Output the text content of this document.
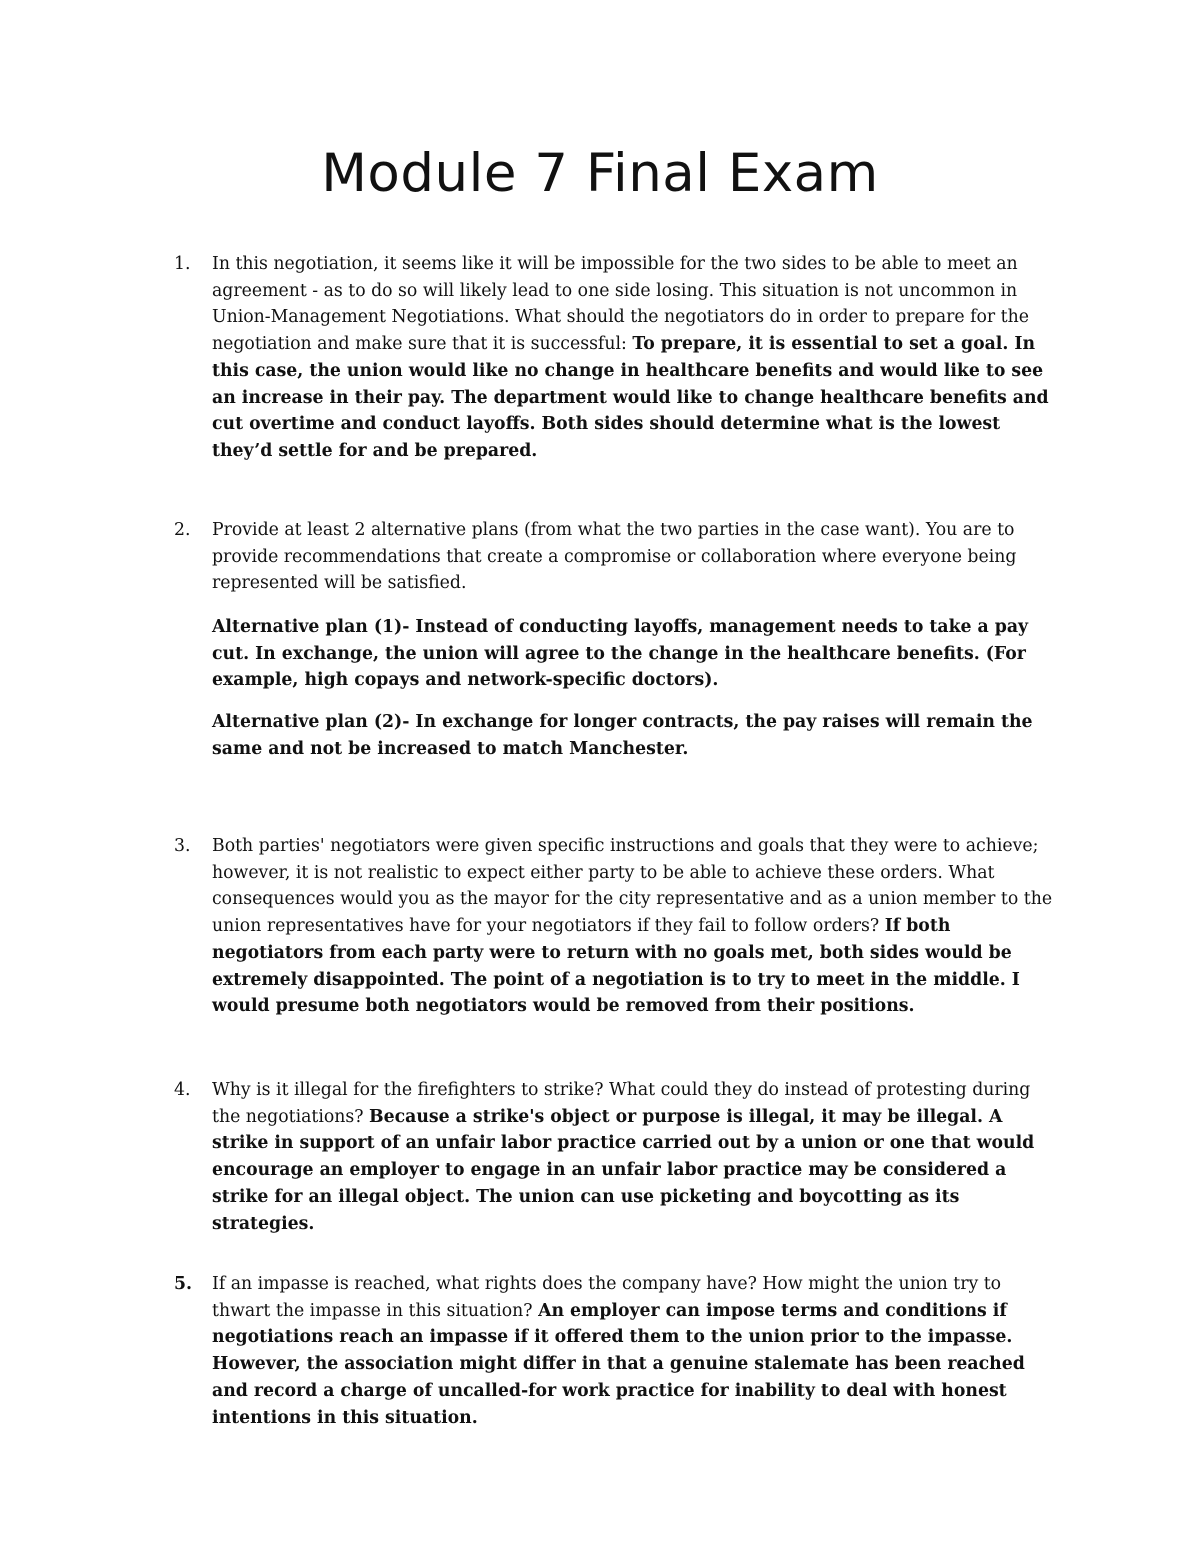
Module 7 Final Exam
1. In this negotiation, it seems like it will be impossible for the two sides to be able to meet an agreement - as to do so will likely lead to one side losing. This situation is not uncommon in Union-Management Negotiations. What should the negotiators do in order to prepare for the negotiation and make sure that it is successful: To prepare, it is essential to set a goal. In this case, the union would like no change in healthcare benefits and would like to see an increase in their pay. The department would like to change healthcare benefits and cut overtime and conduct layoffs. Both sides should determine what is the lowest they’d settle for and be prepared.
2. Provide at least 2 alternative plans (from what the two parties in the case want). You are to provide recommendations that create a compromise or collaboration where everyone being represented will be satisfied.
Alternative plan (1)- Instead of conducting layoffs, management needs to take a pay cut. In exchange, the union will agree to the change in the healthcare benefits. (For example, high copays and network-specific doctors).
Alternative plan (2)- In exchange for longer contracts, the pay raises will remain the same and not be increased to match Manchester.
3. Both parties' negotiators were given specific instructions and goals that they were to achieve; however, it is not realistic to expect either party to be able to achieve these orders. What consequences would you as the mayor for the city representative and as a union member to the union representatives have for your negotiators if they fail to follow orders? If both negotiators from each party were to return with no goals met, both sides would be extremely disappointed. The point of a negotiation is to try to meet in the middle. I would presume both negotiators would be removed from their positions.
4. Why is it illegal for the firefighters to strike? What could they do instead of protesting during the negotiations? Because a strike's object or purpose is illegal, it may be illegal. A strike in support of an unfair labor practice carried out by a union or one that would encourage an employer to engage in an unfair labor practice may be considered a strike for an illegal object. The union can use picketing and boycotting as its strategies.
5. If an impasse is reached, what rights does the company have? How might the union try to thwart the impasse in this situation? An employer can impose terms and conditions if negotiations reach an impasse if it offered them to the union prior to the impasse. However, the association might differ in that a genuine stalemate has been reached and record a charge of uncalled-for work practice for inability to deal with honest intentions in this situation.
